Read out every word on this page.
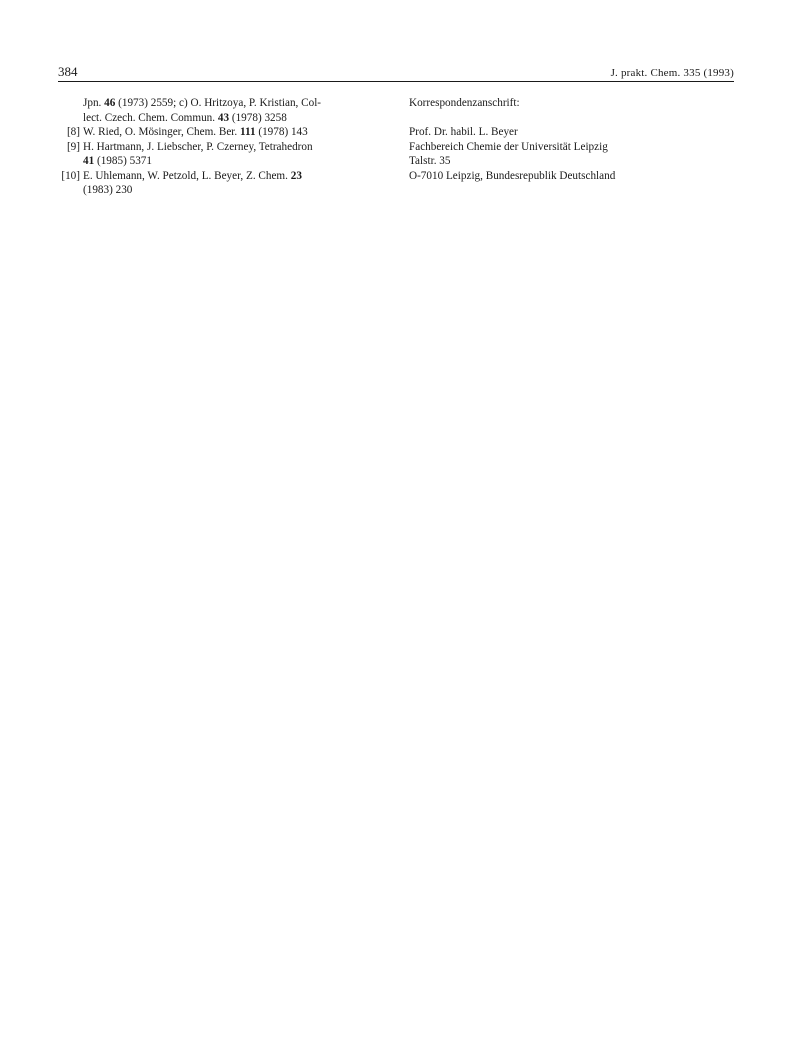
384	J. prakt. Chem. 335 (1993)
Jpn. 46 (1973) 2559; c) O. Hritzoya, P. Kristian, Col-
lect. Czech. Chem. Commun. 43 (1978) 3258
[8] W. Ried, O. Mösinger, Chem. Ber. 111 (1978) 143
[9] H. Hartmann, J. Liebscher, P. Czerney, Tetrahedron
41 (1985) 5371
[10] E. Uhlemann, W. Petzold, L. Beyer, Z. Chem. 23
(1983) 230
Korrespondenzanschrift:
Prof. Dr. habil. L. Beyer
Fachbereich Chemie der Universität Leipzig
Talstr. 35
O-7010 Leipzig, Bundesrepublik Deutschland
